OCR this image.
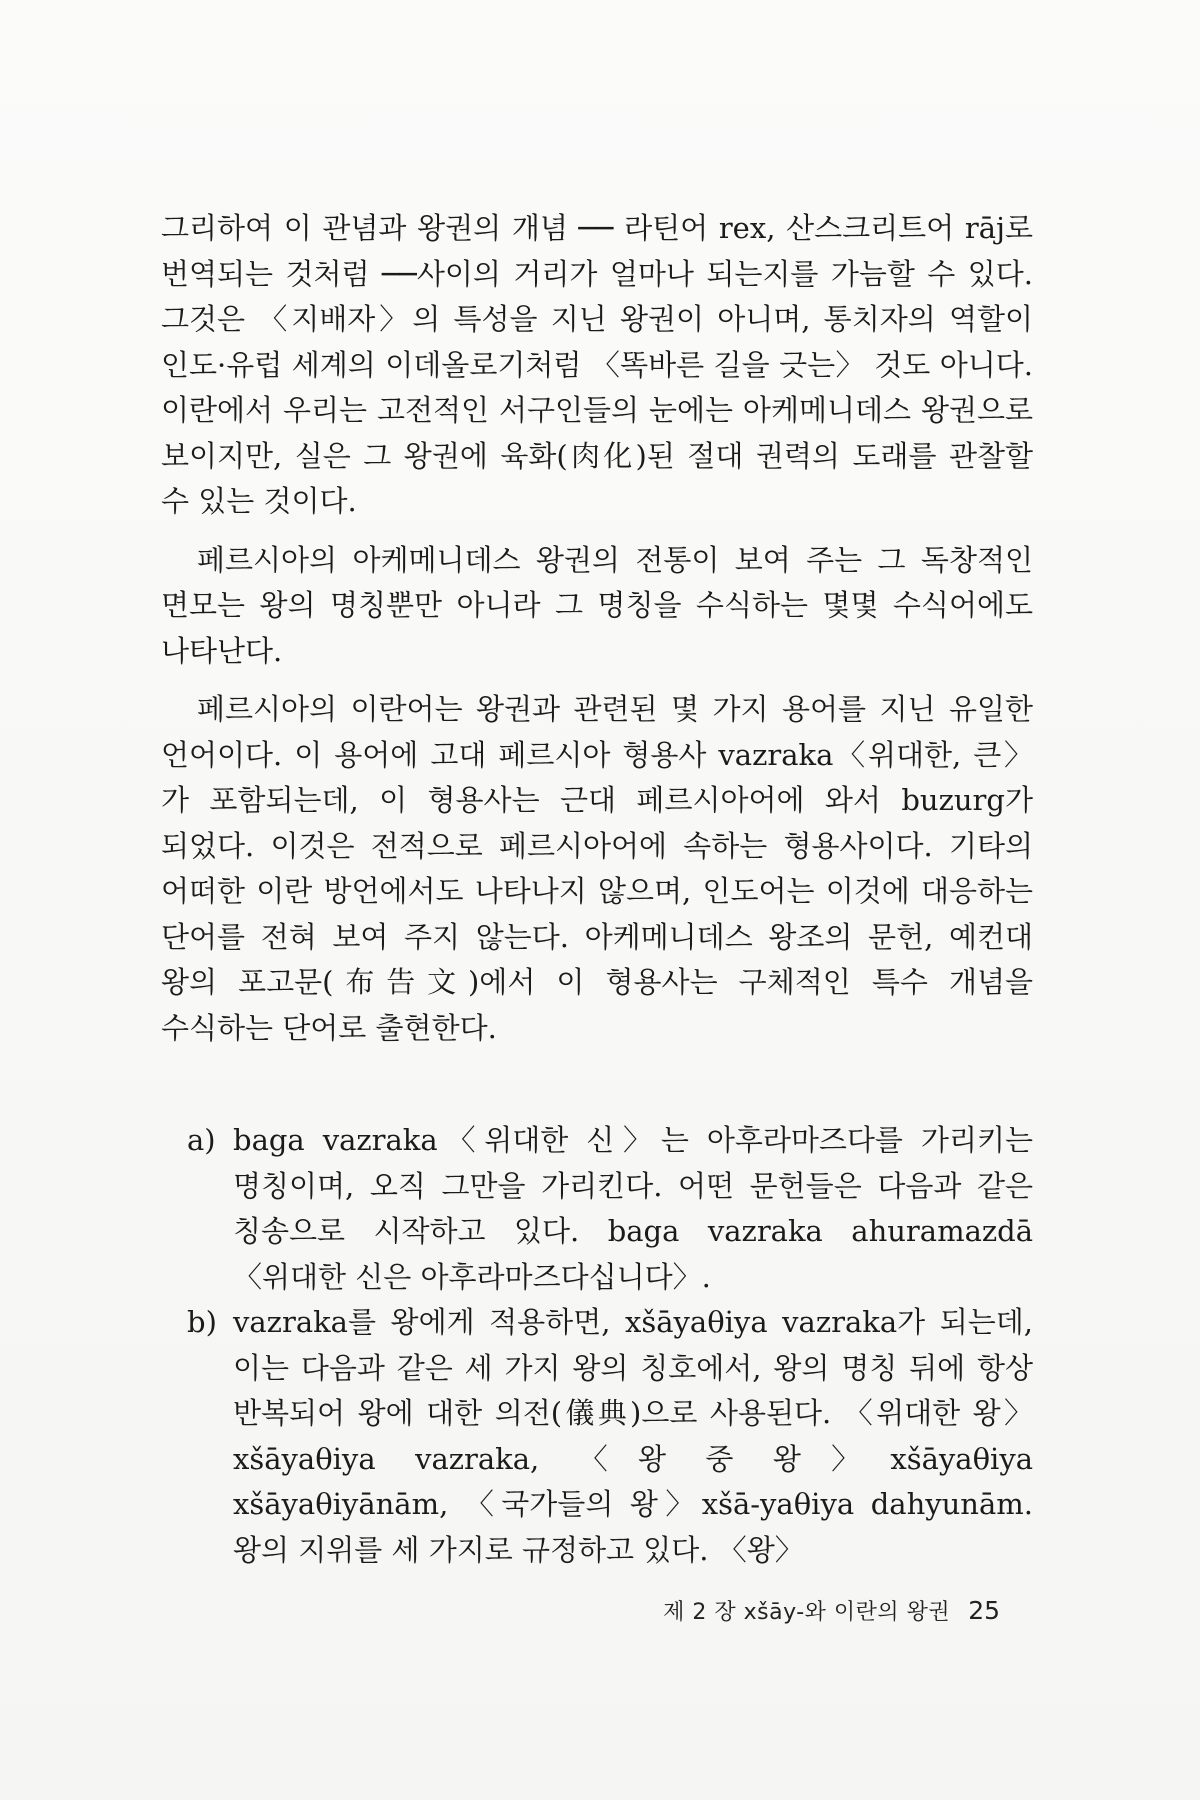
그리하여 이 관념과 왕권의 개념 ── 라틴어 rex, 산스크리트어 rāj로 번역되는 것처럼 ──사이의 거리가 얼마나 되는지를 가늠할 수 있다. 그것은 〈지배자〉의 특성을 지닌 왕권이 아니며, 통치자의 역할이 인도·유럽 세계의 이데올로기처럼 〈똑바른 길을 긋는〉 것도 아니다. 이란에서 우리는 고전적인 서구인들의 눈에는 아케메니데스 왕권으로 보이지만, 실은 그 왕권에 육화(肉化)된 절대 권력의 도래를 관찰할 수 있는 것이다.

페르시아의 아케메니데스 왕권의 전통이 보여 주는 그 독창적인 면모는 왕의 명칭뿐만 아니라 그 명칭을 수식하는 몇몇 수식어에도 나타난다.

페르시아의 이란어는 왕권과 관련된 몇 가지 용어를 지닌 유일한 언어이다. 이 용어에 고대 페르시아 형용사 vazraka〈위대한, 큰〉가 포함되는데, 이 형용사는 근대 페르시아어에 와서 buzurg가 되었다. 이것은 전적으로 페르시아어에 속하는 형용사이다. 기타의 어떠한 이란 방언에서도 나타나지 않으며, 인도어는 이것에 대응하는 단어를 전혀 보여 주지 않는다. 아케메니데스 왕조의 문헌, 예컨대 왕의 포고문(布告文)에서 이 형용사는 구체적인 특수 개념을 수식하는 단어로 출현한다.

a) baga vazraka〈위대한 신〉는 아후라마즈다를 가리키는 명칭이며, 오직 그만을 가리킨다. 어떤 문헌들은 다음과 같은 칭송으로 시작하고 있다. baga vazraka ahuramazdā〈위대한 신은 아후라마즈다십니다〉.
b) vazraka를 왕에게 적용하면, xšāyaθiya vazraka가 되는데, 이는 다음과 같은 세 가지 왕의 칭호에서, 왕의 명칭 뒤에 항상 반복되어 왕에 대한 의전(儀典)으로 사용된다. 〈위대한 왕〉xšāyaθiya vazraka, 〈왕 중 왕〉xšāyaθiya xšāyaθiyānām, 〈국가들의 왕〉xšā-yaθiya dahyunām. 왕의 지위를 세 가지로 규정하고 있다. 〈왕〉
제 2 장 xšāy-와 이란의 왕권 25
